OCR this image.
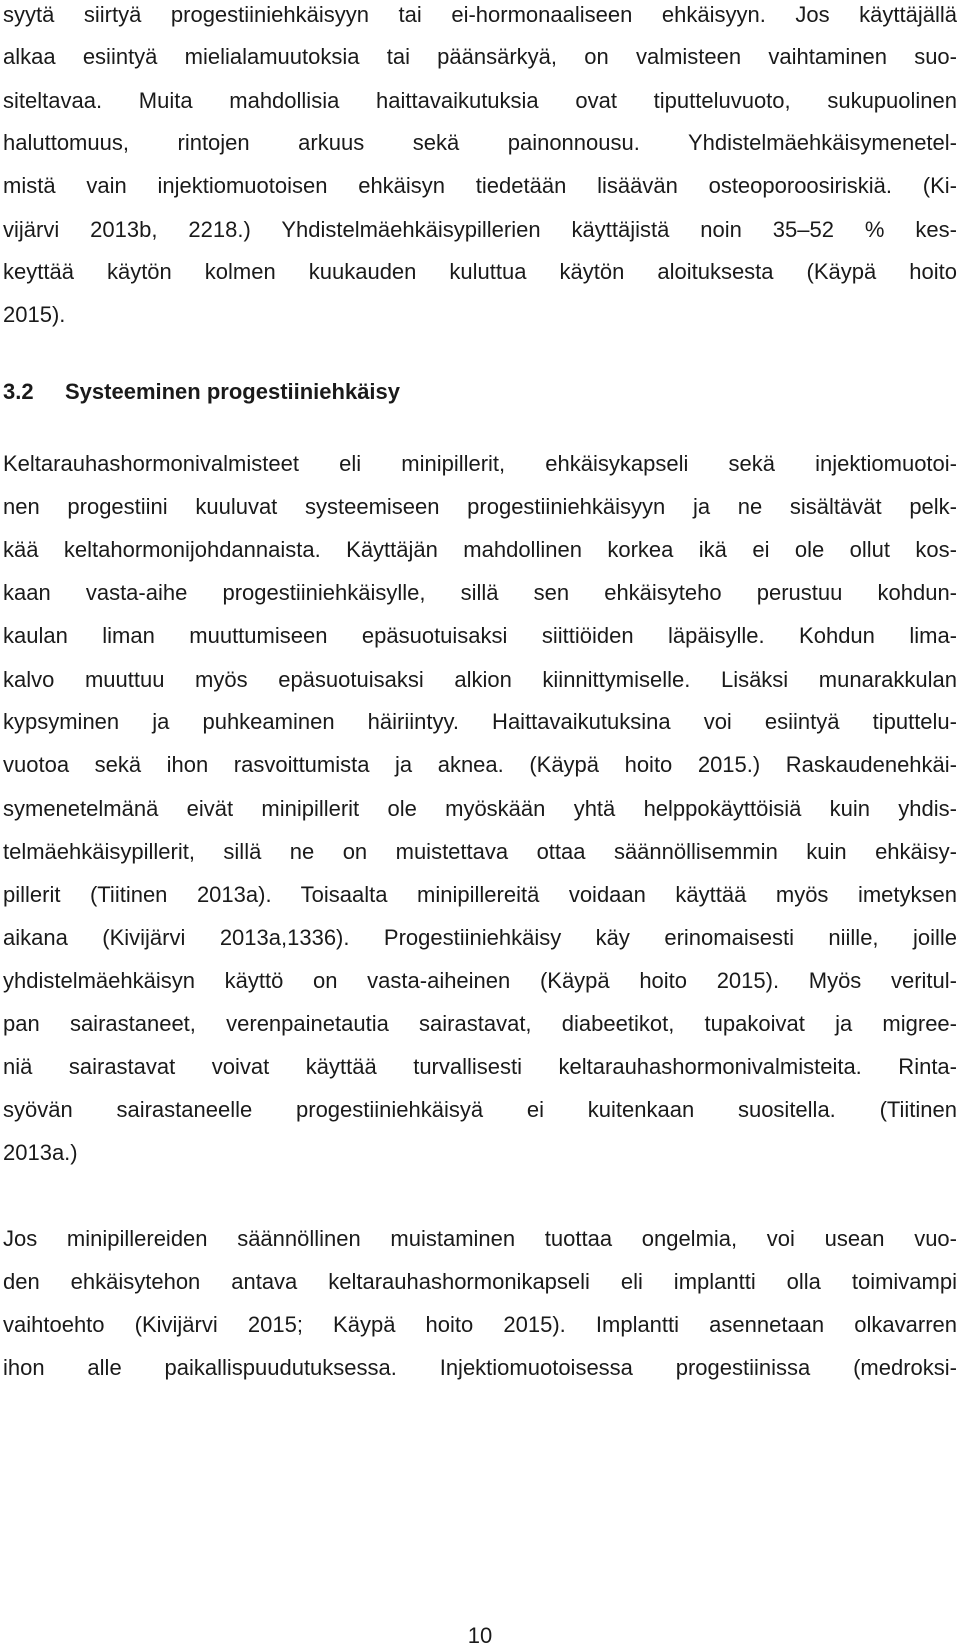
syytä siirtyä progestiiniehkäisyyn tai ei-hormonaaliseen ehkäisyyn. Jos käyttäjällä
alkaa esiintyä mielialamuutoksia tai päänsärkyä, on valmisteen vaihtaminen suo-
siteltavaa. Muita mahdollisia haittavaikutuksia ovat tiputteluvuoto, sukupuolinen
haluttomuus, rintojen arkuus sekä painonnousu. Yhdistelmäehkäisymenetel-
mistä vain injektiomuotoisen ehkäisyn tiedetään lisäävän osteoporoosiriskiä. (Ki-
vijärvi 2013b, 2218.) Yhdistelmäehkäisypillerien käyttäjistä noin 35–52 % kes-
keyttää käytön kolmen kuukauden kuluttua käytön aloituksesta (Käypä hoito
2015).
3.2 Systeeminen progestiiniehkäisy
Keltarauhashormonivalmisteet eli minipillerit, ehkäisykapseli sekä injektiomuotoi-
nen progestiini kuuluvat systeemiseen progestiiniehkäisyyn ja ne sisältävät pelk-
kää keltahormonijohdannaista. Käyttäjän mahdollinen korkea ikä ei ole ollut kos-
kaan vasta-aihe progestiiniehkäisylle, sillä sen ehkäisyteho perustuu kohdun-
kaulan liman muuttumiseen epäsuotuisaksi siittiöiden läpäisylle. Kohdun lima-
kalvo muuttuu myös epäsuotuisaksi alkion kiinnittymiselle. Lisäksi munarakkulan
kypsyminen ja puhkeaminen häiriintyy. Haittavaikutuksina voi esiintyä tiputtelu-
vuotoa sekä ihon rasvoittumista ja aknea. (Käypä hoito 2015.) Raskaudenehkäi-
symenetelmänä eivät minipillerit ole myöskään yhtä helppokäyttöisiä kuin yhdis-
telmäehkäisypillerit, sillä ne on muistettava ottaa säännöllisemmin kuin ehkäisy-
pillerit (Tiitinen 2013a). Toisaalta minipillereitä voidaan käyttää myös imetyksen
aikana (Kivijärvi 2013a,1336). Progestiiniehkäisy käy erinomaisesti niille, joille
yhdistelmäehkäisyn käyttö on vasta-aiheinen (Käypä hoito 2015). Myös veritul-
pan sairastaneet, verenpainetautia sairastavat, diabeetikot, tupakoivat ja migree-
niä sairastavat voivat käyttää turvallisesti keltarauhashormonivalmisteita. Rinta-
syövän sairastaneelle progestiiniehkäisyä ei kuitenkaan suositella. (Tiitinen
2013a.)
Jos minipillereiden säännöllinen muistaminen tuottaa ongelmia, voi usean vuo-
den ehkäisytehon antava keltarauhashormonikapseli eli implantti olla toimivampi
vaihtoehto (Kivijärvi 2015; Käypä hoito 2015). Implantti asennetaan olkavarren
ihon alle paikallispuudutuksessa. Injektiomuotoisessa progestiinissa (medroksi-
10
